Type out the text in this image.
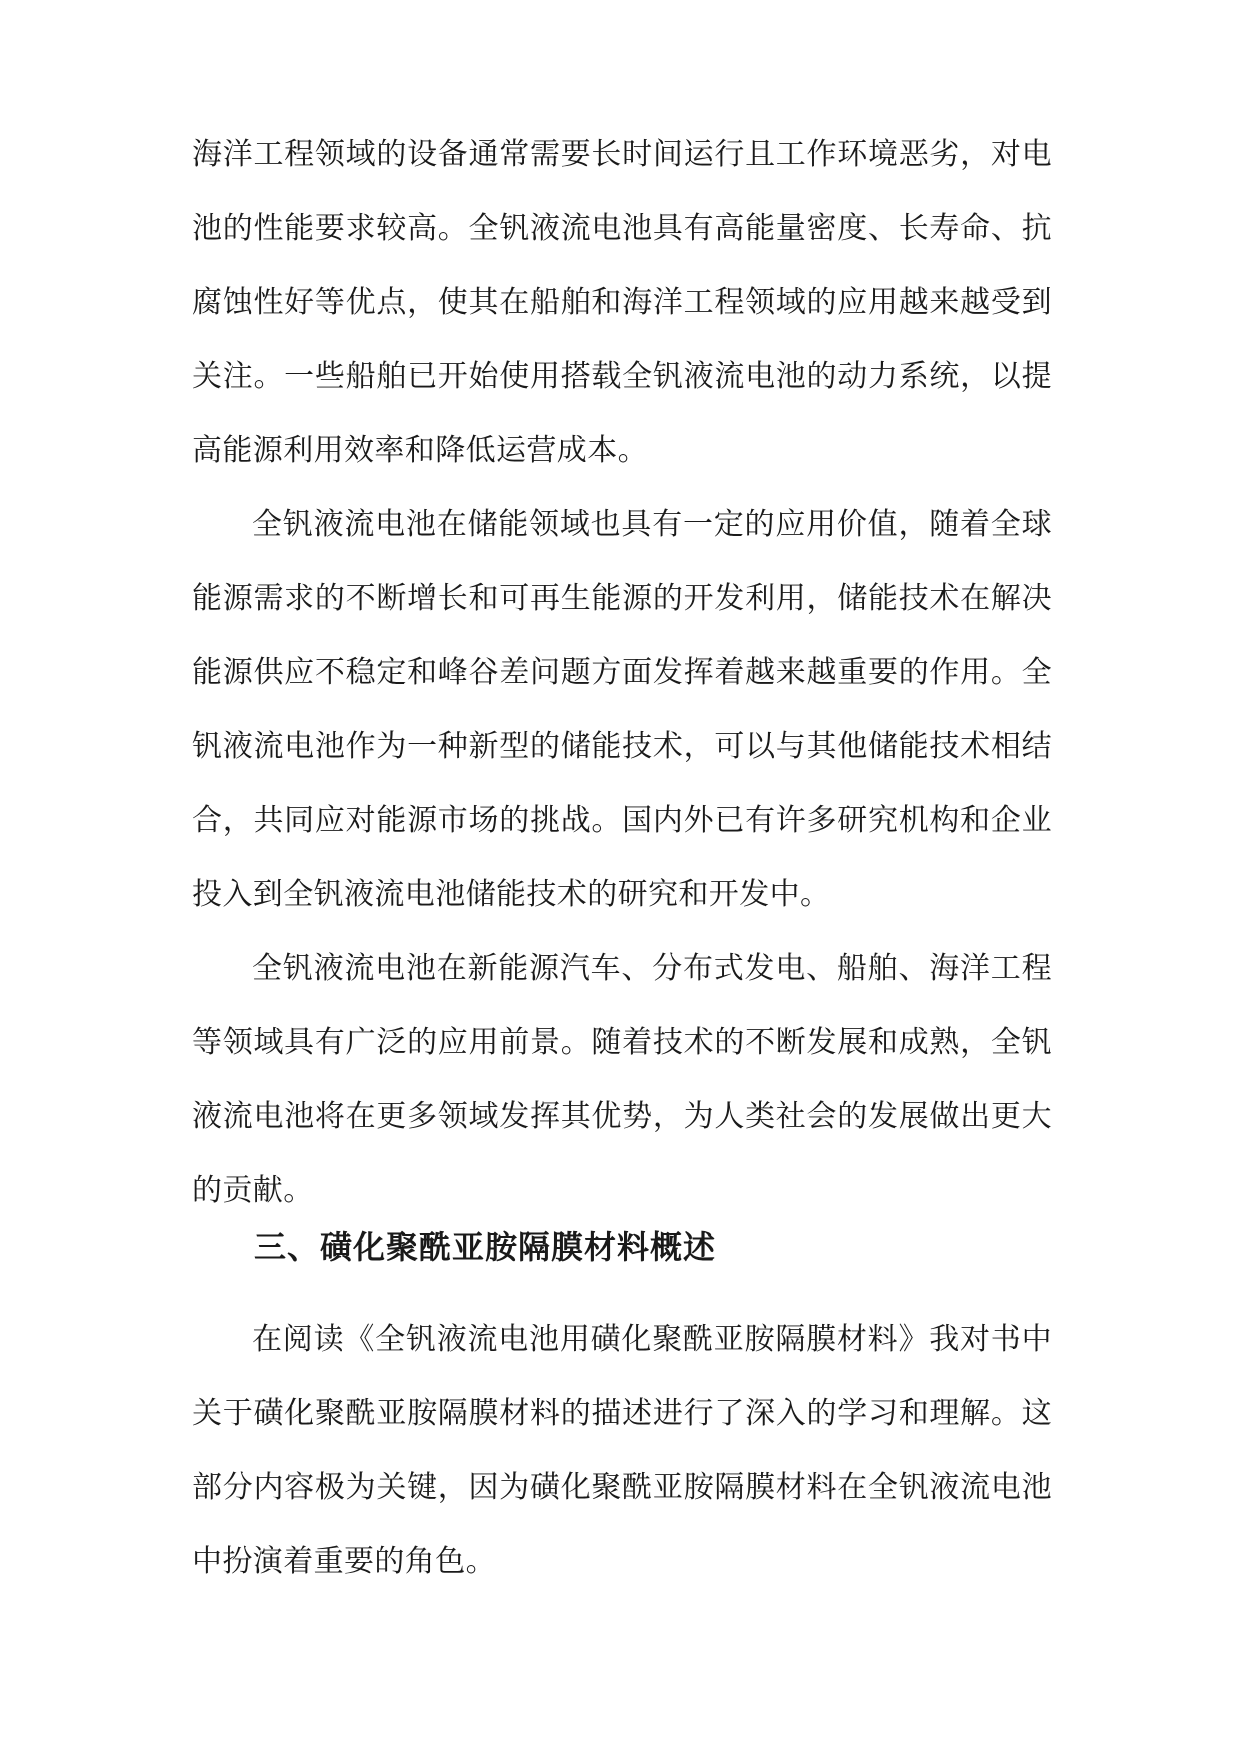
海洋工程领域的设备通常需要长时间运行且工作环境恶劣，对电池的性能要求较高。全钒液流电池具有高能量密度、长寿命、抗腐蚀性好等优点，使其在船舶和海洋工程领域的应用越来越受到关注。一些船舶已开始使用搭载全钒液流电池的动力系统，以提高能源利用效率和降低运营成本。

全钒液流电池在储能领域也具有一定的应用价值，随着全球能源需求的不断增长和可再生能源的开发利用，储能技术在解决能源供应不稳定和峰谷差问题方面发挥着越来越重要的作用。全钒液流电池作为一种新型的储能技术，可以与其他储能技术相结合，共同应对能源市场的挑战。国内外已有许多研究机构和企业投入到全钒液流电池储能技术的研究和开发中。

全钒液流电池在新能源汽车、分布式发电、船舶、海洋工程等领域具有广泛的应用前景。随着技术的不断发展和成熟，全钒液流电池将在更多领域发挥其优势，为人类社会的发展做出更大的贡献。

三、磺化聚酰亚胺隔膜材料概述

在阅读《全钒液流电池用磺化聚酰亚胺隔膜材料》我对书中关于磺化聚酰亚胺隔膜材料的描述进行了深入的学习和理解。这部分内容极为关键，因为磺化聚酰亚胺隔膜材料在全钒液流电池中扮演着重要的角色。
